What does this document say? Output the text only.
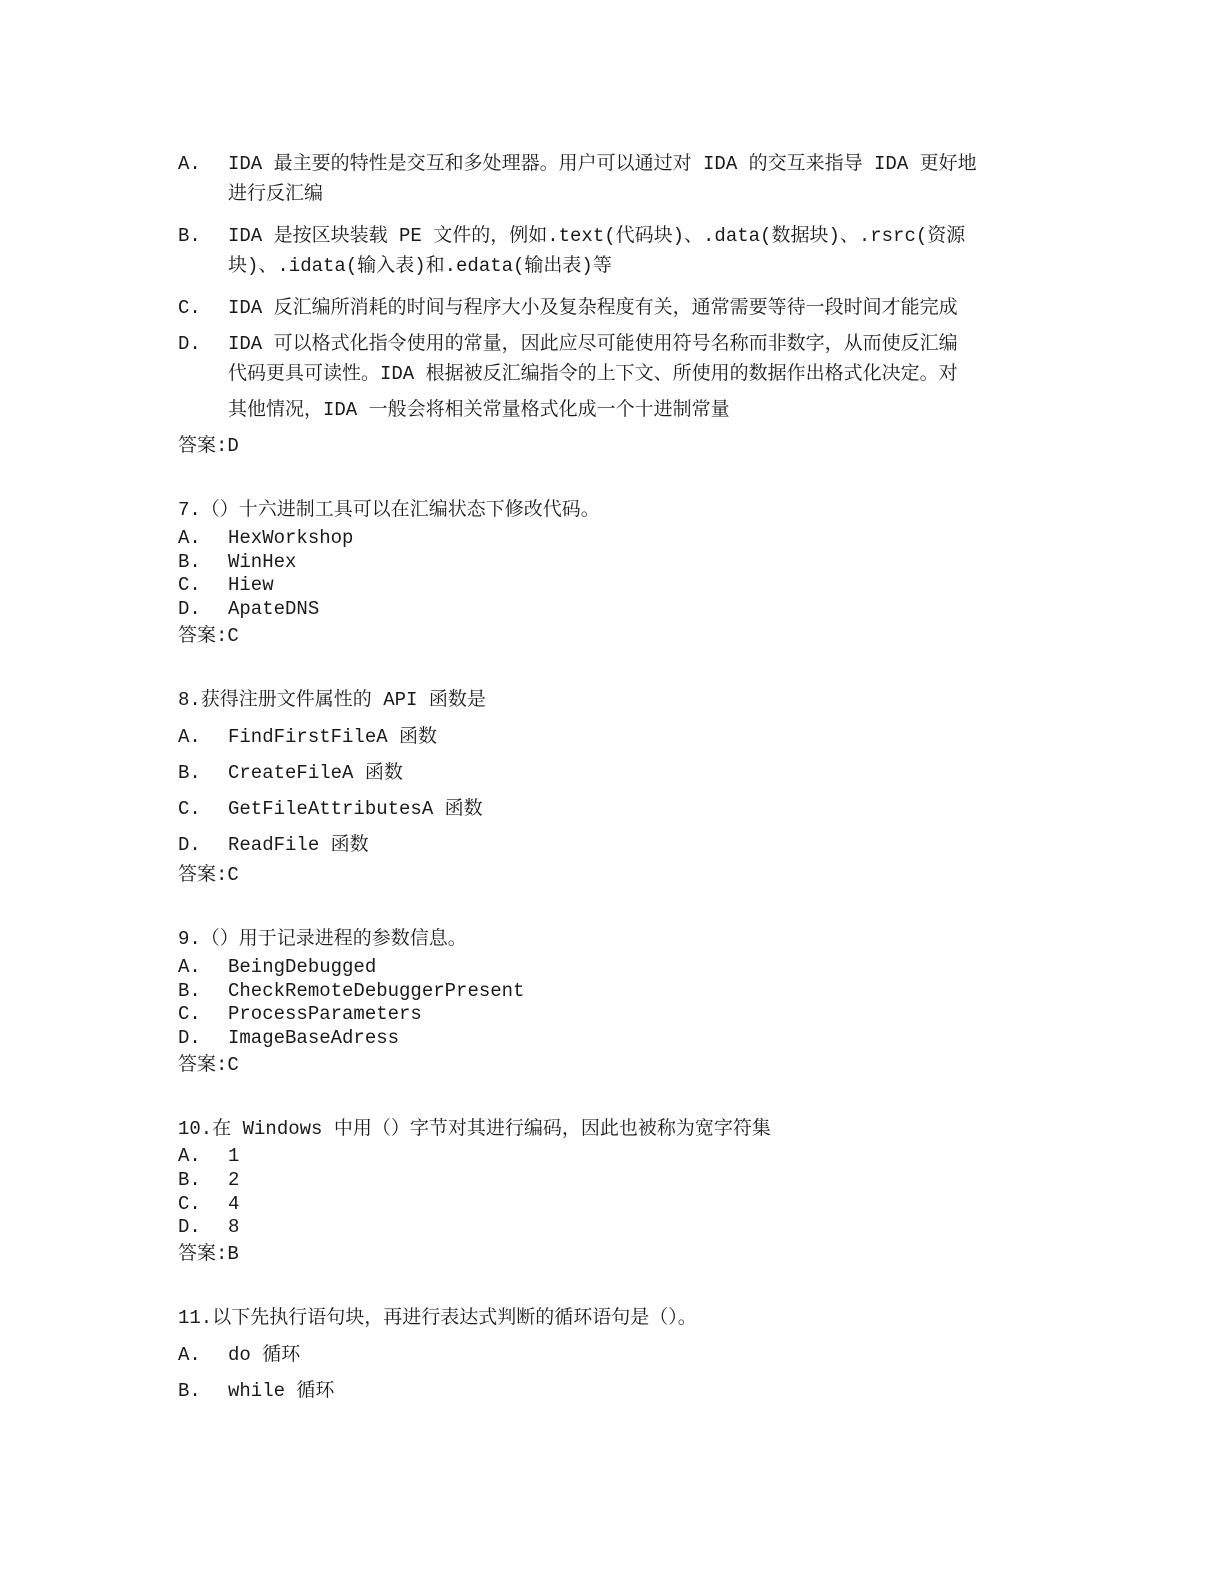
A. IDA 最主要的特性是交互和多处理器。用户可以通过对 IDA 的交互来指导 IDA 更好地
进行反汇编
B. IDA 是按区块装载 PE 文件的，例如.text(代码块)、.data(数据块)、.rsrc(资源
块)、.idata(输入表)和.edata(输出表)等
C. IDA 反汇编所消耗的时间与程序大小及复杂程度有关，通常需要等待一段时间才能完成
D. IDA 可以格式化指令使用的常量，因此应尽可能使用符号名称而非数字，从而使反汇编
代码更具可读性。IDA 根据被反汇编指令的上下文、所使用的数据作出格式化决定。对
其他情况，IDA 一般会将相关常量格式化成一个十进制常量
答案:D
7.（）十六进制工具可以在汇编状态下修改代码。
A. HexWorkshop
B. WinHex
C. Hiew
D. ApateDNS
答案:C
8.获得注册文件属性的 API 函数是
A. FindFirstFileA 函数
B. CreateFileA 函数
C. GetFileAttributesA 函数
D. ReadFile 函数
答案:C
9.（）用于记录进程的参数信息。
A. BeingDebugged
B. CheckRemoteDebuggerPresent
C. ProcessParameters
D. ImageBaseAdress
答案:C
10.在 Windows 中用（）字节对其进行编码，因此也被称为宽字符集
A. 1
B. 2
C. 4
D. 8
答案:B
11.以下先执行语句块，再进行表达式判断的循环语句是（）。
A. do 循环
B. while 循环
